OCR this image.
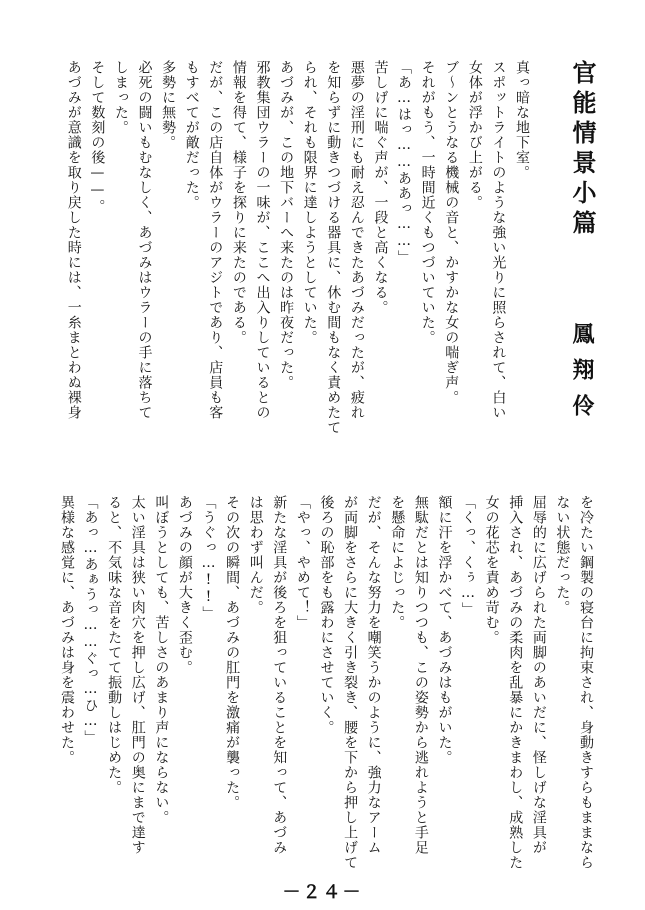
官能情景小篇
鳳翔伶

真っ暗な地下室。

スポットライトのような強い光りに照らされて、白い

女体が浮かび上がる。

ブ〜ンとうなる機械の音と、かすかな女の喘ぎ声。

それがもう、一時間近くもつづいていた。

「あ…はっ……ああっ……」

苦しげに喘ぐ声が、一段と高くなる。

悪夢の淫刑にも耐え忍んできたあづみだったが、疲れ

を知らずに動きつづける器具に、休む間もなく責めたて

られ、それも限界に達しようとしていた。

あづみが、この地下バーへ来たのは昨夜だった。

邪教集団ウラーの一味が、ここへ出入りしているとの

情報を得て、様子を探りに来たのである。

だが、この店自体がウラーのアジトであり、店員も客

もすべてが敵だった。

多勢に無勢。

必死の闘いもむなしく、あづみはウラーの手に落ちて

しまった。

そして数刻の後——。

あづみが意識を取り戻した時には、一糸まとわぬ裸身

を冷たい鋼製の寝台に拘束され、身動きすらもままなら

ない状態だった。

屈辱的に広げられた両脚のあいだに、怪しげな淫具が

挿入され、あづみの柔肉を乱暴にかきまわし、成熟した

女の花芯を責め苛む。

「くっ、くぅ…」

額に汗を浮かべて、あづみはもがいた。

無駄だとは知りつつも、この姿勢から逃れようと手足

を懸命によじった。

だが、そんな努力を嘲笑うかのように、強力なアーム

が両脚をさらに大きく引き裂き、腰を下から押し上げて

後ろの恥部をも露わにさせていく。

「やっ、やめて！」

新たな淫具が後ろを狙っていることを知って、あづみ

は思わず叫んだ。

その次の瞬間、あづみの肛門を激痛が襲った。

「うぐっ…!!」

あづみの顔が大きく歪む。

叫ぼうとしても、苦しさのあまり声にならない。

太い淫具は狭い肉穴を押し広げ、肛門の奥にまで達す

ると、不気味な音をたてて振動しはじめた。

「あっ…あぁうっ……ぐっ…ひ…」

異様な感覚に、あづみは身を震わせた。

－２４－
